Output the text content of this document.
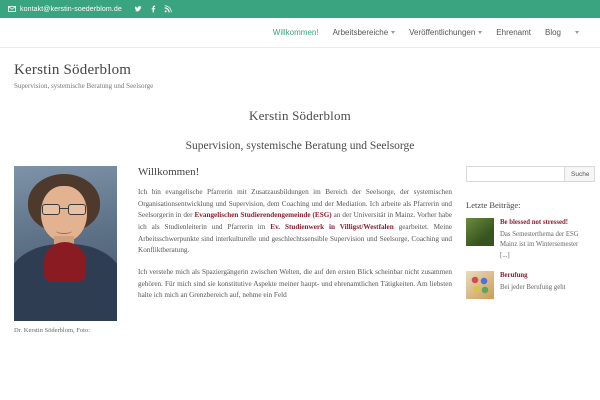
kontakt@kerstin-soederblom.de
Willkommen! Arbeitsbereiche	Veröffentlichungen	Ehrenamt Blog
Kerstin Söderblom
Supervision, systemische Beratung und Seelsorge
Kerstin Söderblom
Supervision, systemische Beratung und Seelsorge
Dr. Kerstin Söderblom, Foto:
Willkommen!

Ich bin evangelische Pfarrerin mit Zusatzausbildungen im Bereich der Seelsorge, der systemischen Organisationsentwicklung und Supervision, dem Coaching und der Mediation. Ich arbeite als Pfarrerin und Seelsorgerin in der Evangelischen Studierendengemeinde (ESG) an der Universität in Mainz. Vorher habe ich als Studienleiterin und Pfarrerin im Ev. Studienwerk in Villigst/Westfalen gearbeitet. Meine Arbeitsschwerpunkte sind interkulturelle und geschlechtssensible Supervision und Seelsorge, Coaching und Konfliktberatung.

Ich verstehe mich als Spaziergängerin zwischen Welten, die auf den ersten Blick scheinbar nicht zusammen gehören. Für mich sind sie konstitutive Aspekte meiner haupt- und ehrenamtlichen Tätigkeiten. Am liebsten halte ich mich an Grenzbereich auf, nehme ein Feld

Suche
Letzte Beiträge:
Be blessed not stressed!
Das Semesterthema der ESG Mainz ist im Wintersemester [...]
Berufung
Bei jeder Berufung geht
